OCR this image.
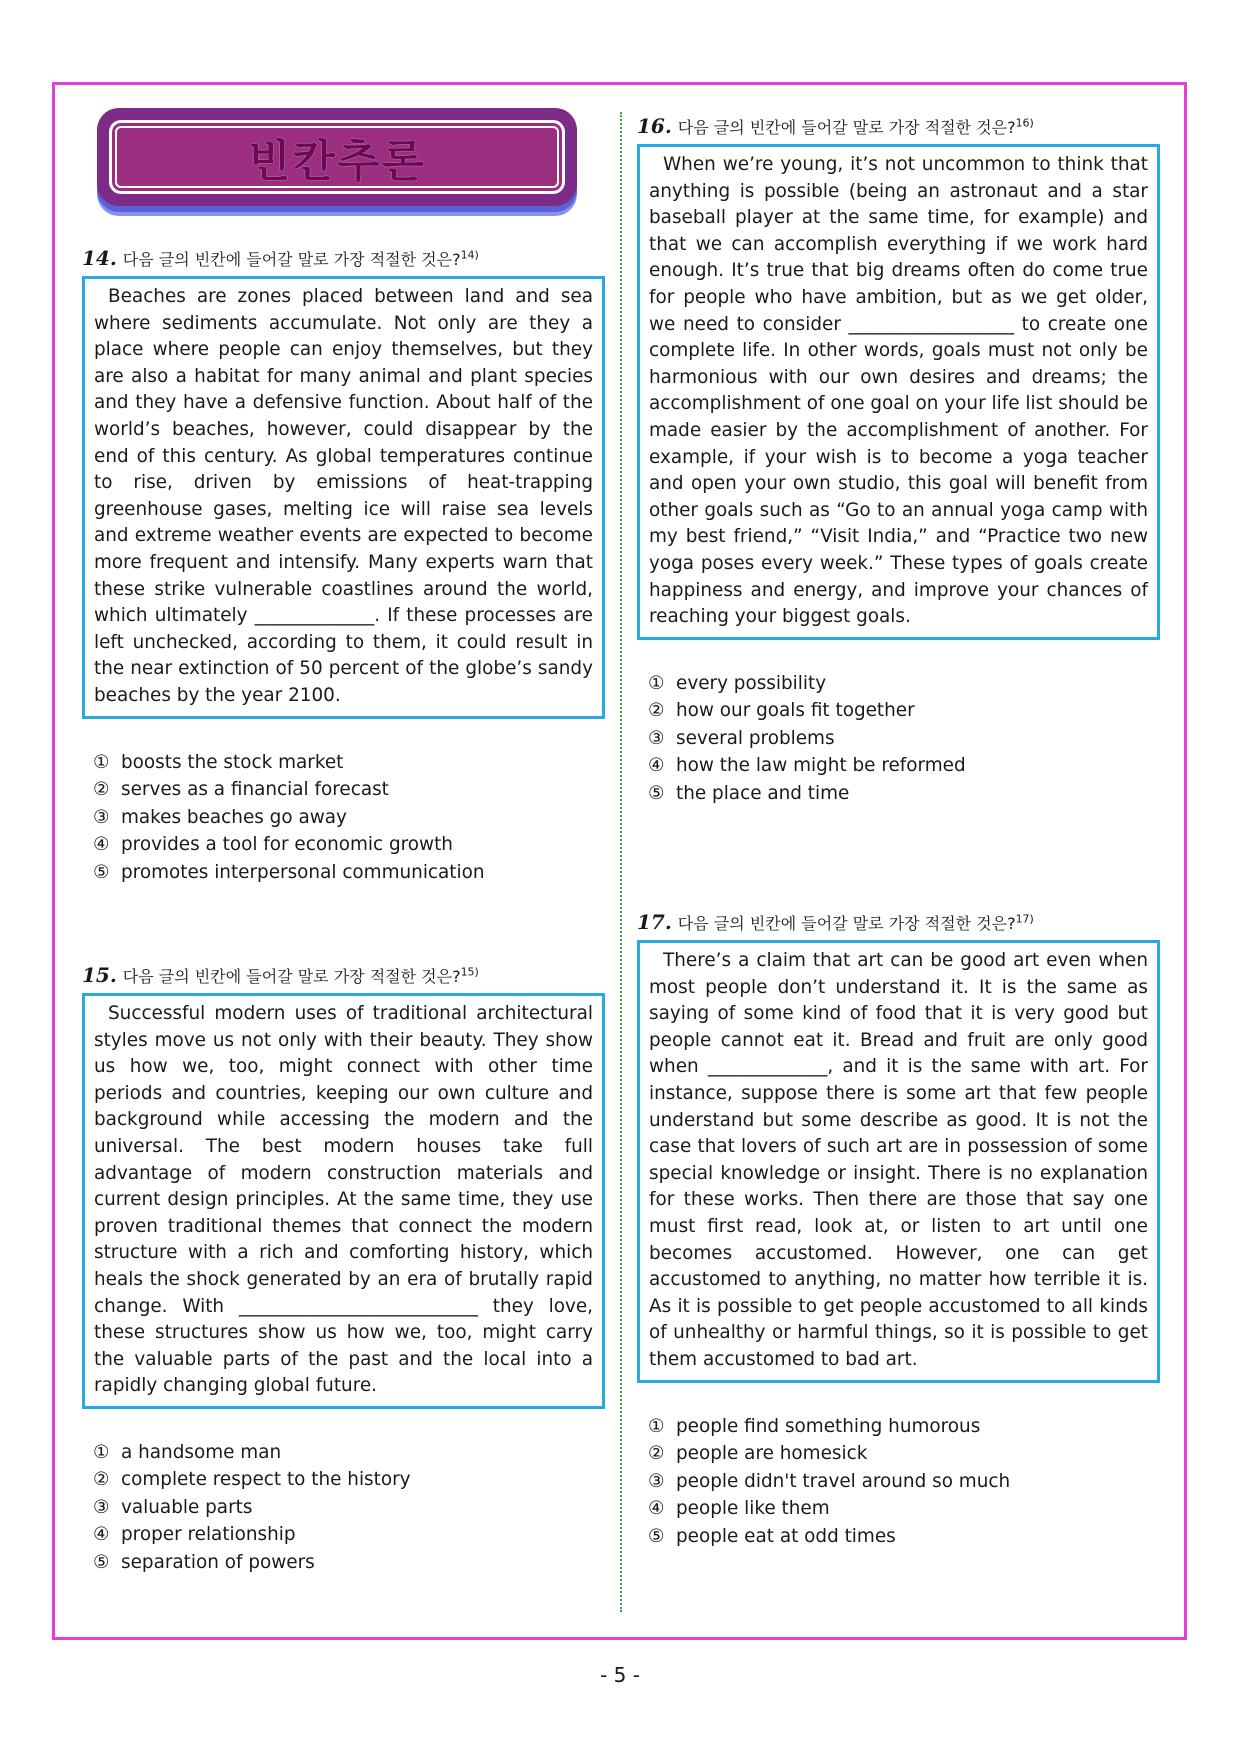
빈칸추론
14. 다음 글의 빈칸에 들어갈 말로 가장 적절한 것은?$^{14)}$

Beaches are zones placed between land and sea where sediments accumulate. Not only are they a place where people can enjoy themselves, but they are also a habitat for many animal and plant species and they have a defensive function. About half of the world’s beaches, however, could disappear by the end of this century. As global temperatures continue to rise, driven by emissions of heat-trapping greenhouse gases, melting ice will raise sea levels and extreme weather events are expected to become more frequent and intensify. Many experts warn that these strike vulnerable coastlines around the world, which ultimately _____________. If these processes are left unchecked, according to them, it could result in the near extinction of 50 percent of the globe’s sandy beaches by the year 2100.

① boosts the stock market
② serves as a financial forecast
③ makes beaches go away
④ provides a tool for economic growth
⑤ promotes interpersonal communication
15. 다음 글의 빈칸에 들어갈 말로 가장 적절한 것은?$^{15)}$

Successful modern uses of traditional architectural styles move us not only with their beauty. They show us how we, too, might connect with other time periods and countries, keeping our own culture and background while accessing the modern and the universal. The best modern houses take full advantage of modern construction materials and current design principles. At the same time, they use proven traditional themes that connect the modern structure with a rich and comforting history, which heals the shock generated by an era of brutally rapid change. With __________________________ they love, these structures show us how we, too, might carry the valuable parts of the past and the local into a rapidly changing global future.

① a handsome man
② complete respect to the history
③ valuable parts
④ proper relationship
⑤ separation of powers
16. 다음 글의 빈칸에 들어갈 말로 가장 적절한 것은?$^{16)}$

When we’re young, it’s not uncommon to think that anything is possible (being an astronaut and a star baseball player at the same time, for example) and that we can accomplish everything if we work hard enough. It’s true that big dreams often do come true for people who have ambition, but as we get older, we need to consider __________________ to create one complete life. In other words, goals must not only be harmonious with our own desires and dreams; the accomplishment of one goal on your life list should be made easier by the accomplishment of another. For example, if your wish is to become a yoga teacher and open your own studio, this goal will benefit from other goals such as “Go to an annual yoga camp with my best friend,” “Visit India,” and “Practice two new yoga poses every week.” These types of goals create happiness and energy, and improve your chances of reaching your biggest goals.

① every possibility
② how our goals fit together
③ several problems
④ how the law might be reformed
⑤ the place and time
17. 다음 글의 빈칸에 들어갈 말로 가장 적절한 것은?$^{17)}$

There’s a claim that art can be good art even when most people don’t understand it. It is the same as saying of some kind of food that it is very good but people cannot eat it. Bread and fruit are only good when _____________, and it is the same with art. For instance, suppose there is some art that few people understand but some describe as good. It is not the case that lovers of such art are in possession of some special knowledge or insight. There is no explanation for these works. Then there are those that say one must first read, look at, or listen to art until one becomes accustomed. However, one can get accustomed to anything, no matter how terrible it is. As it is possible to get people accustomed to all kinds of unhealthy or harmful things, so it is possible to get them accustomed to bad art.

① people find something humorous
② people are homesick
③ people didn't travel around so much
④ people like them
⑤ people eat at odd times
- 5 -
